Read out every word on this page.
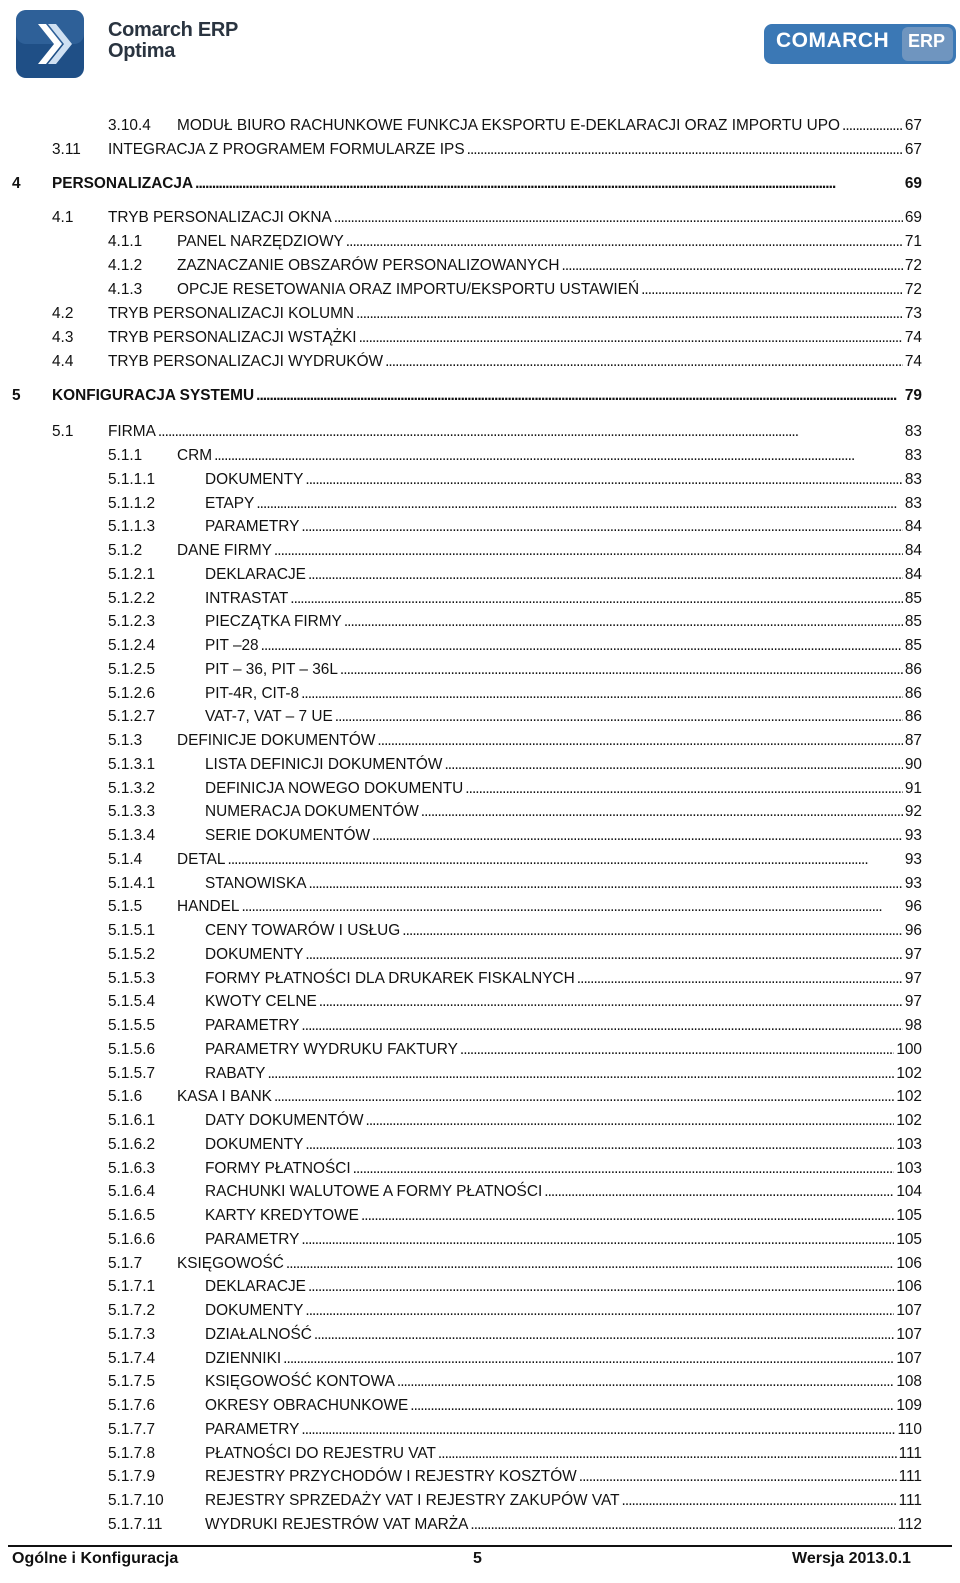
Comarch ERP
Optima	COMARCH ERP
3.10.4	MODUŁ BIURO RACHUNKOWE FUNKCJA EKSPORTU E-DEKLARACJI ORAZ IMPORTU UPO . . .	67
3.11	INTEGRACJA Z PROGRAMEM FORMULARZE IPS . . .	67
4	PERSONALIZACJA . . .	69
4.1	TRYB PERSONALIZACJI OKNA . . .	69
4.1.1	PANEL NARZĘDZIOWY . . .	71
4.1.2	ZAZNACZANIE OBSZARÓW PERSONALIZOWANYCH . . .	72
4.1.3	OPCJE RESETOWANIA ORAZ IMPORTU/EKSPORTU USTAWIEŃ . . .	72
4.2	TRYB PERSONALIZACJI KOLUMN . . .	73
4.3	TRYB PERSONALIZACJI WSTĄŻKI . . .	74
4.4	TRYB PERSONALIZACJI WYDRUKÓW . . .	74
5	KONFIGURACJA SYSTEMU . . .	79
5.1	FIRMA . . .	83
5.1.1	CRM . . .	83
5.1.1.1	DOKUMENTY . . .	83
5.1.1.2	ETAPY . . .	83
5.1.1.3	PARAMETRY . . .	84
5.1.2	DANE FIRMY . . .	84
5.1.2.1	DEKLARACJE . . .	84
5.1.2.2	INTRASTAT . . .	85
5.1.2.3	PIECZĄTKA FIRMY . . .	85
5.1.2.4	PIT –28 . . .	85
5.1.2.5	PIT – 36, PIT – 36L . . .	86
5.1.2.6	PIT-4R, CIT-8 . . .	86
5.1.2.7	VAT-7, VAT – 7 UE . . .	86
5.1.3	DEFINICJE DOKUMENTÓW . . .	87
5.1.3.1	LISTA DEFINICJI DOKUMENTÓW . . .	90
5.1.3.2	DEFINICJA NOWEGO DOKUMENTU . . .	91
5.1.3.3	NUMERACJA DOKUMENTÓW . . .	92
5.1.3.4	SERIE DOKUMENTÓW . . .	93
5.1.4	DETAL . . .	93
5.1.4.1	STANOWISKA . . .	93
5.1.5	HANDEL . . .	96
5.1.5.1	CENY TOWARÓW I USŁUG . . .	96
5.1.5.2	DOKUMENTY . . .	97
5.1.5.3	FORMY PŁATNOŚCI DLA DRUKAREK FISKALNYCH . . .	97
5.1.5.4	KWOTY CELNE . . .	97
5.1.5.5	PARAMETRY . . .	98
5.1.5.6	PARAMETRY WYDRUKU FAKTURY . . .	100
5.1.5.7	RABATY . . .	102
5.1.6	KASA I BANK . . .	102
5.1.6.1	DATY DOKUMENTÓW . . .	102
5.1.6.2	DOKUMENTY . . .	103
5.1.6.3	FORMY PŁATNOŚCI . . .	103
5.1.6.4	RACHUNKI WALUTOWE A FORMY PŁATNOŚCI . . .	104
5.1.6.5	KARTY KREDYTOWE . . .	105
5.1.6.6	PARAMETRY . . .	105
5.1.7	KSIĘGOWOŚĆ . . .	106
5.1.7.1	DEKLARACJE . . .	106
5.1.7.2	DOKUMENTY . . .	107
5.1.7.3	DZIAŁALNOŚĆ . . .	107
5.1.7.4	DZIENNIKI . . .	107
5.1.7.5	KSIĘGOWOŚĆ KONTOWA . . .	108
5.1.7.6	OKRESY OBRACHUNKOWE . . .	109
5.1.7.7	PARAMETRY . . .	110
5.1.7.8	PŁATNOŚCI DO REJESTRU VAT . . .	111
5.1.7.9	REJESTRY PRZYCHODÓW I REJESTRY KOSZTÓW . . .	111
5.1.7.10	REJESTRY SPRZEDAŻY VAT I REJESTRY ZAKUPÓW VAT . . .	111
5.1.7.11	WYDRUKI REJESTRÓW VAT MARŻA . . .	112
Ogólne i Konfiguracja	5	Wersja 2013.0.1
